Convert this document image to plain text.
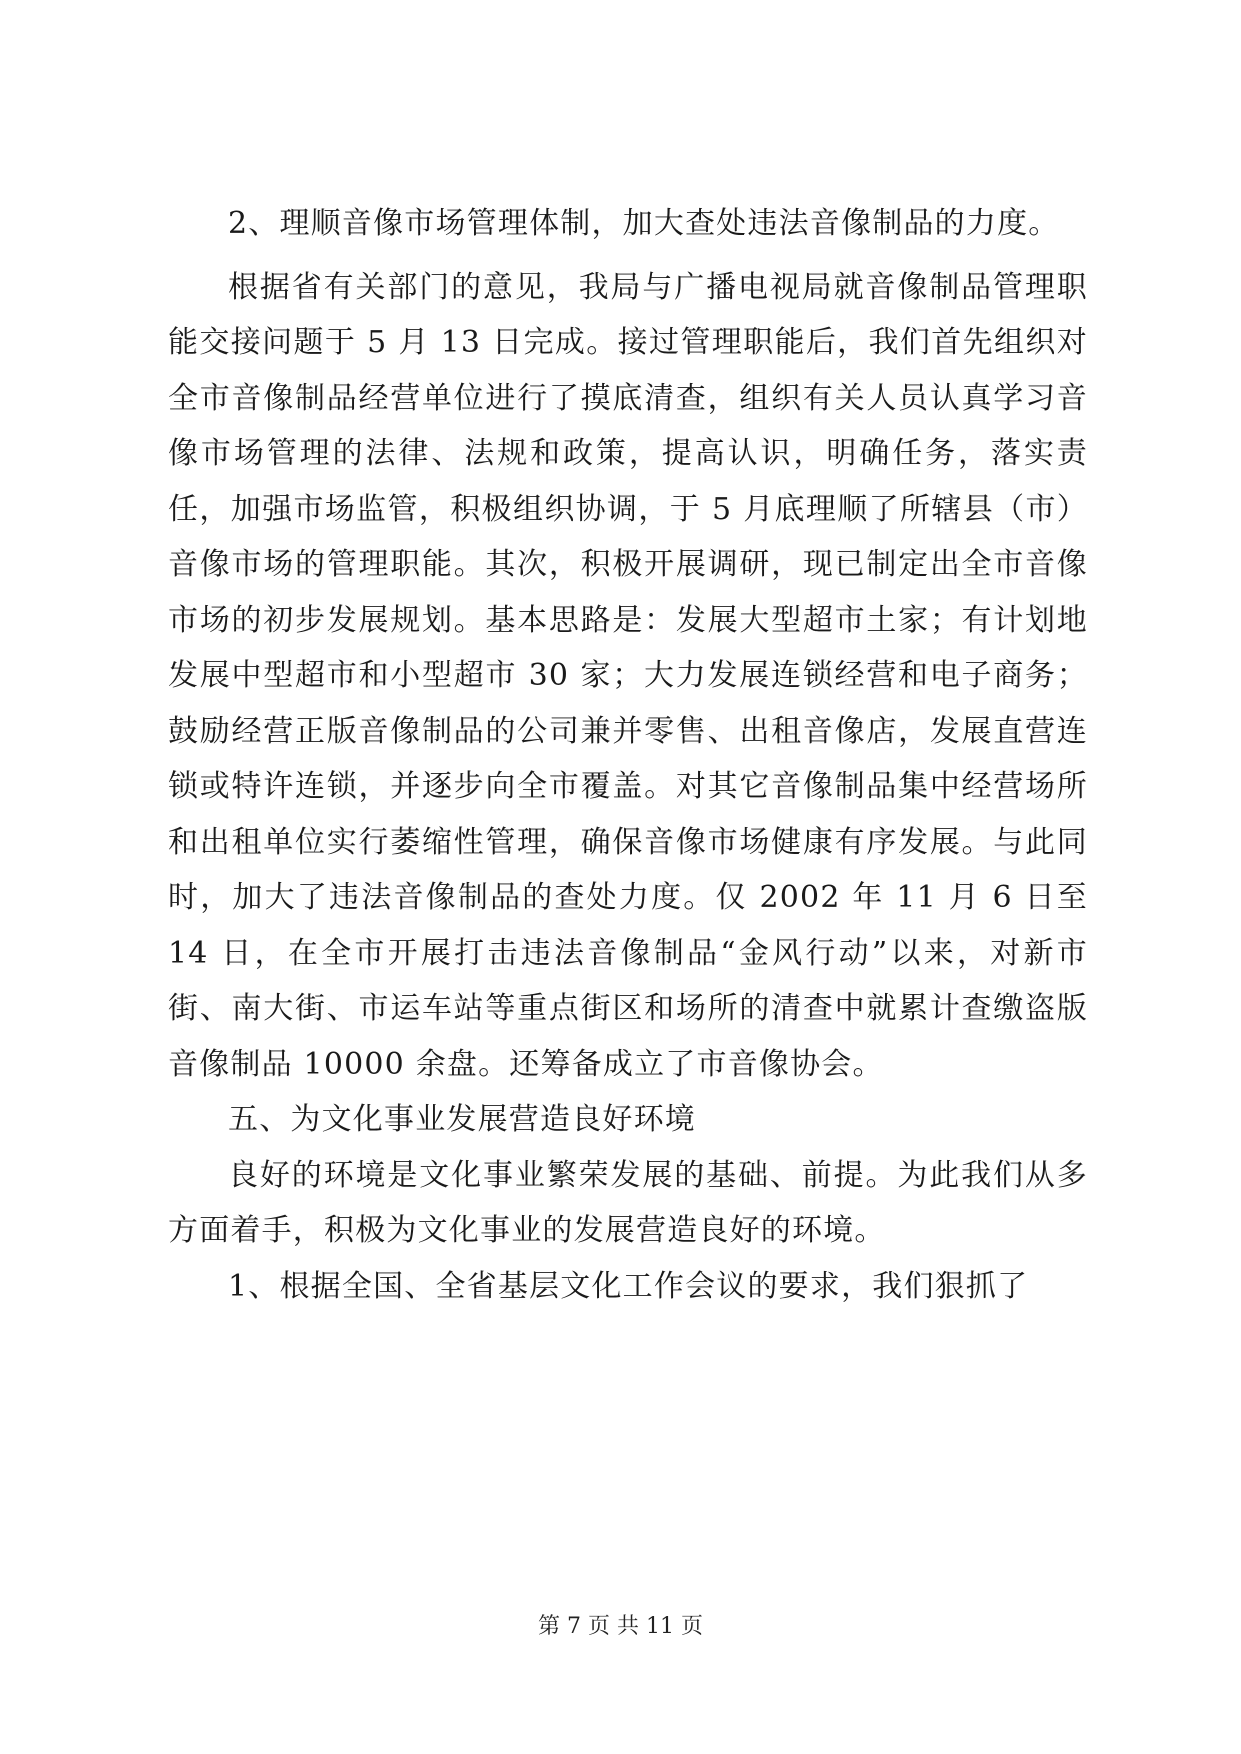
2、理顺音像市场管理体制，加大查处违法音像制品的力度。

根据省有关部门的意见，我局与广播电视局就音像制品管理职能交接问题于 5 月 13 日完成。接过管理职能后，我们首先组织对全市音像制品经营单位进行了摸底清查，组织有关人员认真学习音像市场管理的法律、法规和政策，提高认识，明确任务，落实责任，加强市场监管，积极组织协调，于 5 月底理顺了所辖县（市）音像市场的管理职能。其次，积极开展调研，现已制定出全市音像市场的初步发展规划。基本思路是：发展大型超市土家；有计划地发展中型超市和小型超市 30 家；大力发展连锁经营和电子商务；鼓励经营正版音像制品的公司兼并零售、出租音像店，发展直营连锁或特许连锁，并逐步向全市覆盖。对其它音像制品集中经营场所和出租单位实行萎缩性管理，确保音像市场健康有序发展。与此同时，加大了违法音像制品的查处力度。仅 2002 年 11 月 6 日至 14 日，在全市开展打击违法音像制品“金风行动”以来，对新市街、南大街、市运车站等重点街区和场所的清查中就累计查缴盗版音像制品 10000 余盘。还筹备成立了市音像协会。

五、为文化事业发展营造良好环境

良好的环境是文化事业繁荣发展的基础、前提。为此我们从多方面着手，积极为文化事业的发展营造良好的环境。

1、根据全国、全省基层文化工作会议的要求，我们狠抓了

第 7 页 共 11 页
